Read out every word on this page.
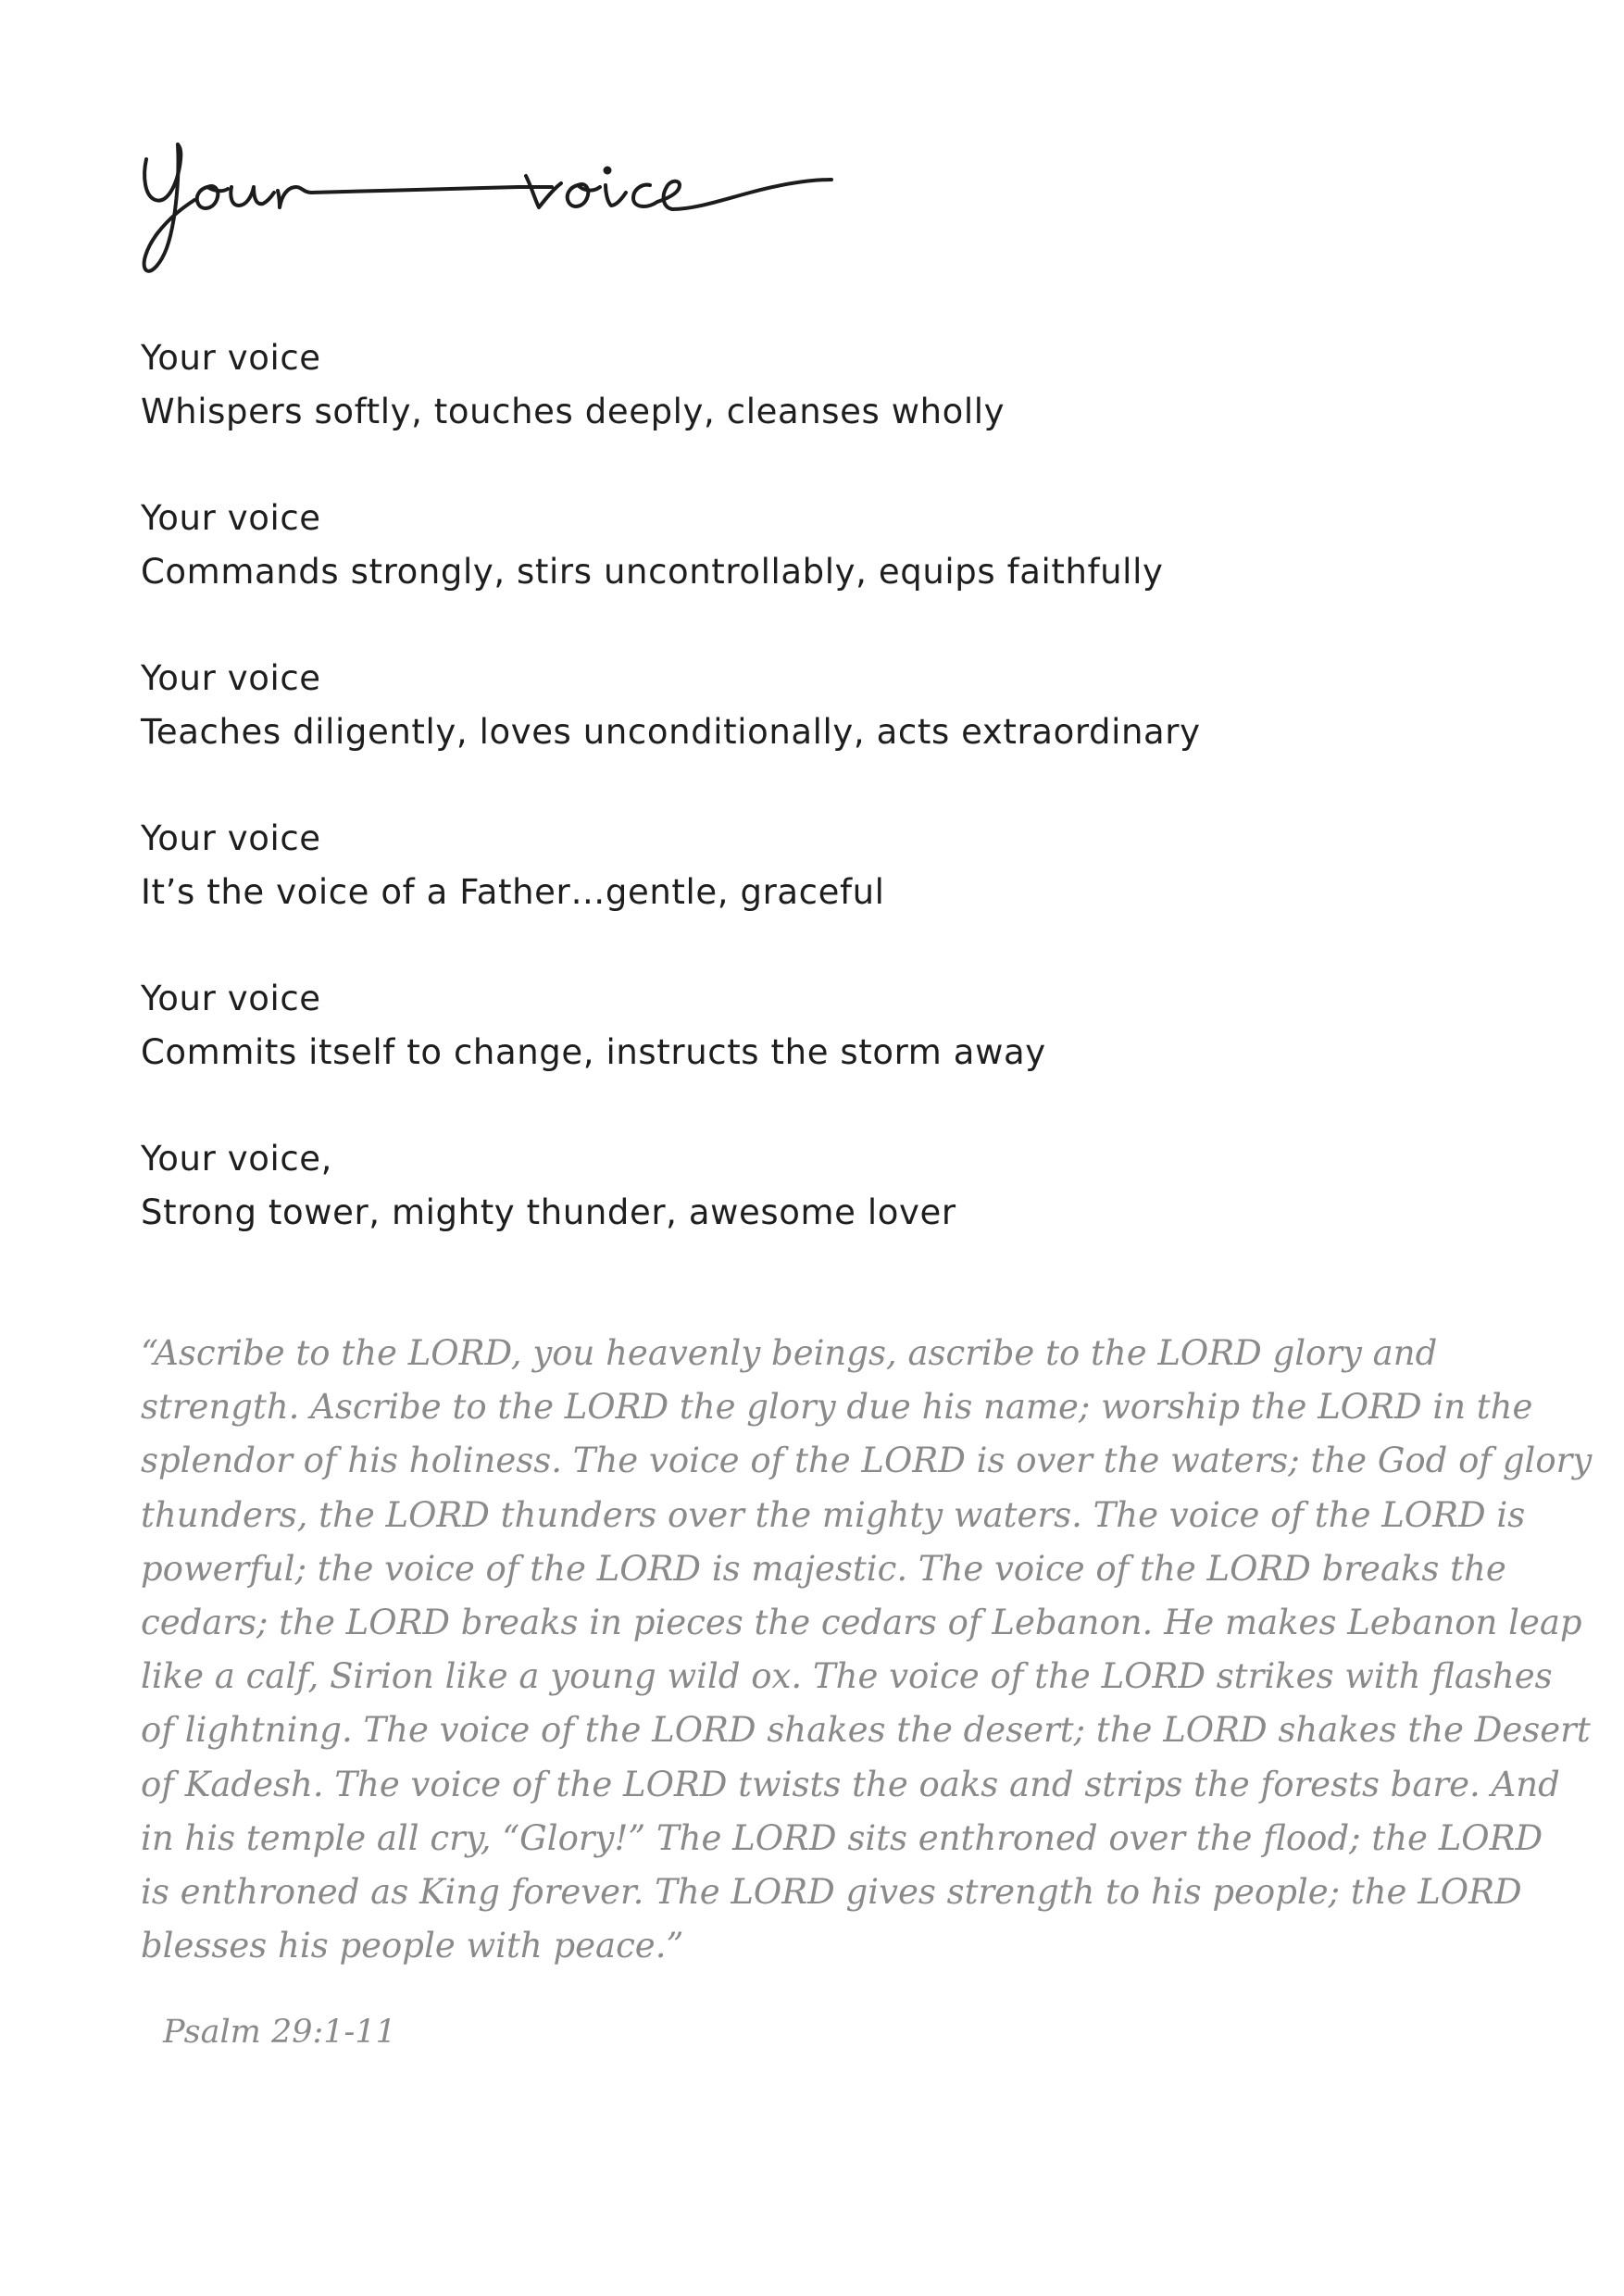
Your voice
Whispers softly, touches deeply, cleanses wholly
Your voice
Commands strongly, stirs uncontrollably, equips faithfully
Your voice
Teaches diligently, loves unconditionally, acts extraordinary
Your voice
It’s the voice of a Father…gentle, graceful
Your voice
Commits itself to change, instructs the storm away
Your voice,
Strong tower, mighty thunder, awesome lover
“Ascribe to the LORD, you heavenly beings, ascribe to the LORD glory and
strength. Ascribe to the LORD the glory due his name; worship the LORD in the
splendor of his holiness. The voice of the LORD is over the waters; the God of glory
thunders, the LORD thunders over the mighty waters. The voice of the LORD is
powerful; the voice of the LORD is majestic. The voice of the LORD breaks the
cedars; the LORD breaks in pieces the cedars of Lebanon. He makes Lebanon leap
like a calf, Sirion like a young wild ox. The voice of the LORD strikes with flashes
of lightning. The voice of the LORD shakes the desert; the LORD shakes the Desert
of Kadesh. The voice of the LORD twists the oaks and strips the forests bare. And
in his temple all cry, “Glory!” The LORD sits enthroned over the flood; the LORD
is enthroned as King forever. The LORD gives strength to his people; the LORD
blesses his people with peace.”
Psalm 29:1-11
